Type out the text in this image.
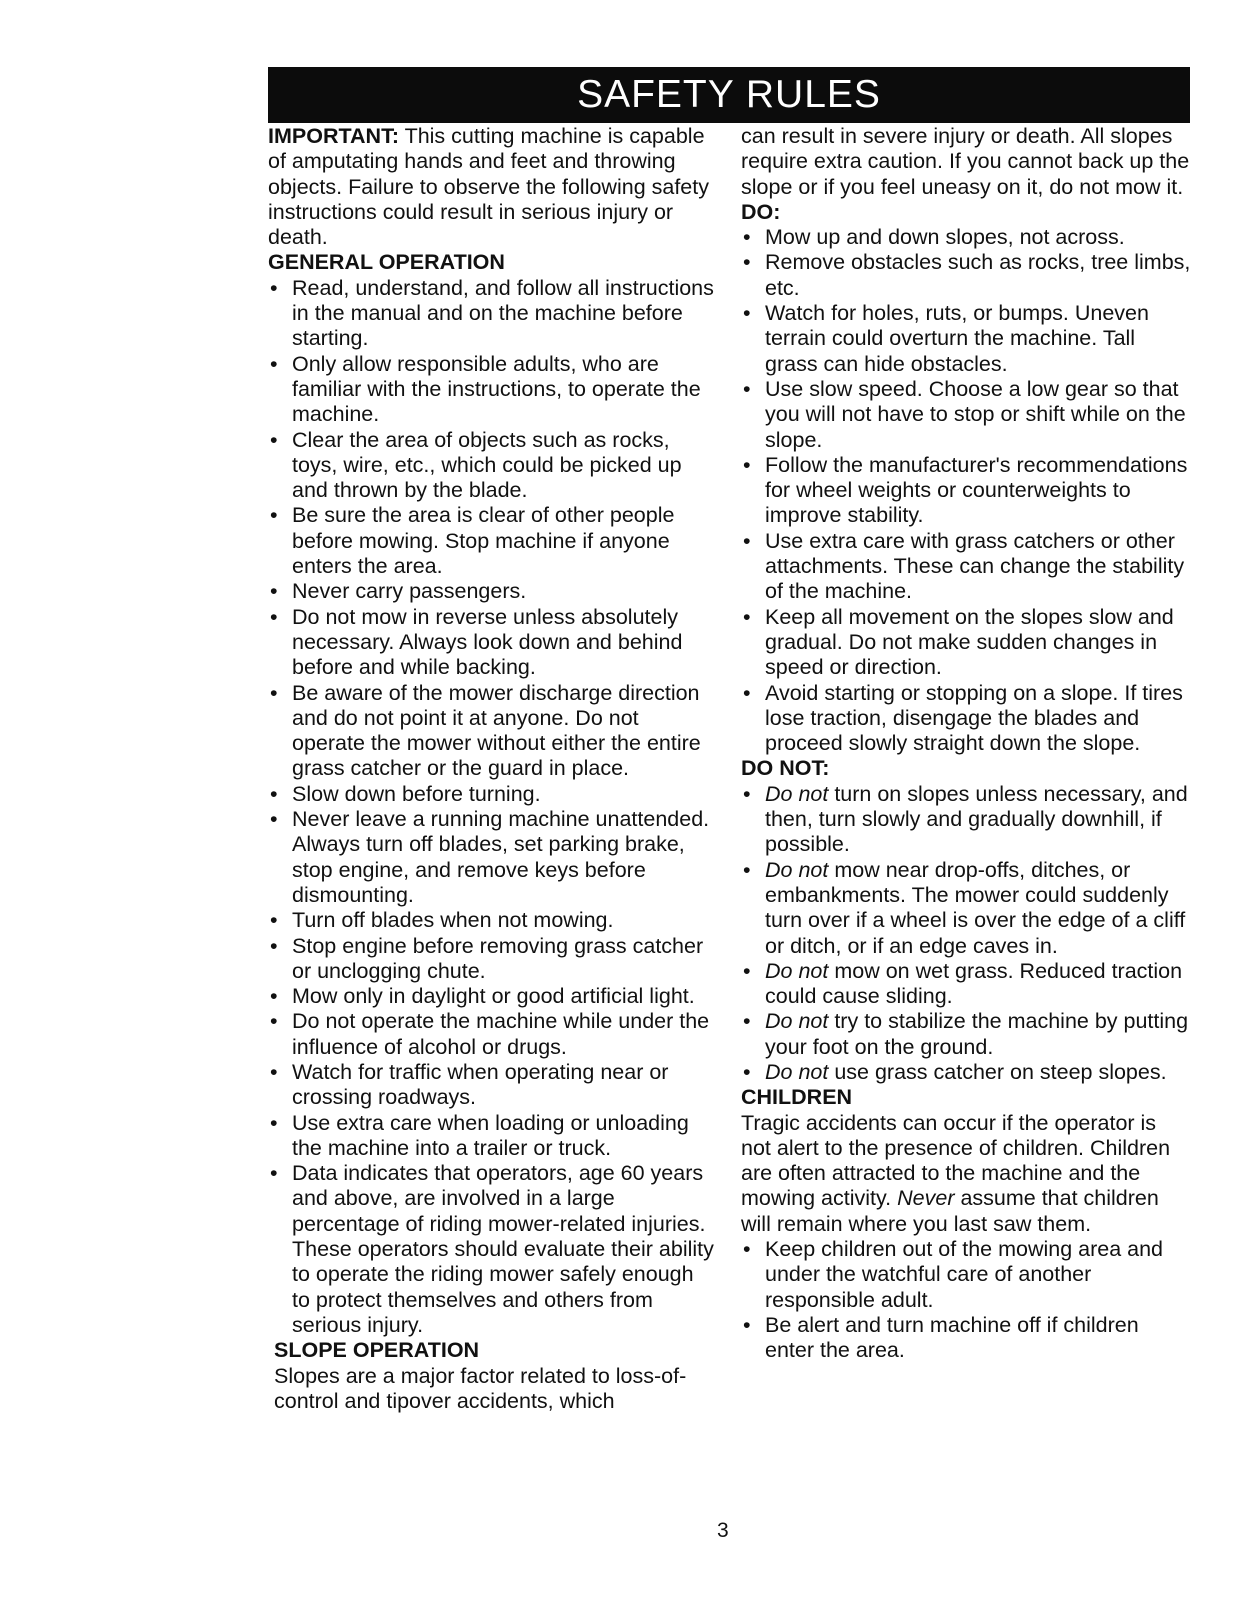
SAFETY RULES

IMPORTANT: This cutting machine is capable of amputating hands and feet and throwing objects. Failure to observe the following safety instructions could result in serious injury or death.

GENERAL OPERATION

• Read, understand, and follow all instructions in the manual and on the machine before starting.
• Only allow responsible adults, who are familiar with the instructions, to operate the machine.
• Clear the area of objects such as rocks, toys, wire, etc., which could be picked up and thrown by the blade.
• Be sure the area is clear of other people before mowing. Stop machine if anyone enters the area.
• Never carry passengers.
• Do not mow in reverse unless absolutely necessary. Always look down and behind before and while backing.
• Be aware of the mower discharge direction and do not point it at anyone. Do not operate the mower without either the entire grass catcher or the guard in place.
• Slow down before turning.
• Never leave a running machine unattended. Always turn off blades, set parking brake, stop engine, and remove keys before dismounting.
• Turn off blades when not mowing.
• Stop engine before removing grass catcher or unclogging chute.
• Mow only in daylight or good artificial light.
• Do not operate the machine while under the influence of alcohol or drugs.
• Watch for traffic when operating near or crossing roadways.
• Use extra care when loading or unloading the machine into a trailer or truck.
• Data indicates that operators, age 60 years and above, are involved in a large percentage of riding mower-related injuries. These operators should evaluate their ability to operate the riding mower safely enough to protect themselves and others from serious injury.

SLOPE OPERATION

Slopes are a major factor related to loss-of-control and tipover accidents, which

can result in severe injury or death. All slopes require extra caution. If you cannot back up the slope or if you feel uneasy on it, do not mow it.

DO:

• Mow up and down slopes, not across.
• Remove obstacles such as rocks, tree limbs, etc.
• Watch for holes, ruts, or bumps. Uneven terrain could overturn the machine. Tall grass can hide obstacles.
• Use slow speed. Choose a low gear so that you will not have to stop or shift while on the slope.
• Follow the manufacturer's recommendations for wheel weights or counterweights to improve stability.
• Use extra care with grass catchers or other attachments. These can change the stability of the machine.
• Keep all movement on the slopes slow and gradual. Do not make sudden changes in speed or direction.
• Avoid starting or stopping on a slope. If tires lose traction, disengage the blades and proceed slowly straight down the slope.

DO NOT:

• Do not turn on slopes unless necessary, and then, turn slowly and gradually downhill, if possible.
• Do not mow near drop-offs, ditches, or embankments. The mower could suddenly turn over if a wheel is over the edge of a cliff or ditch, or if an edge caves in.
• Do not mow on wet grass. Reduced traction could cause sliding.
• Do not try to stabilize the machine by putting your foot on the ground.
• Do not use grass catcher on steep slopes.

CHILDREN

Tragic accidents can occur if the operator is not alert to the presence of children. Children are often attracted to the machine and the mowing activity. Never assume that children will remain where you last saw them.

• Keep children out of the mowing area and under the watchful care of another responsible adult.
• Be alert and turn machine off if children enter the area.
3
